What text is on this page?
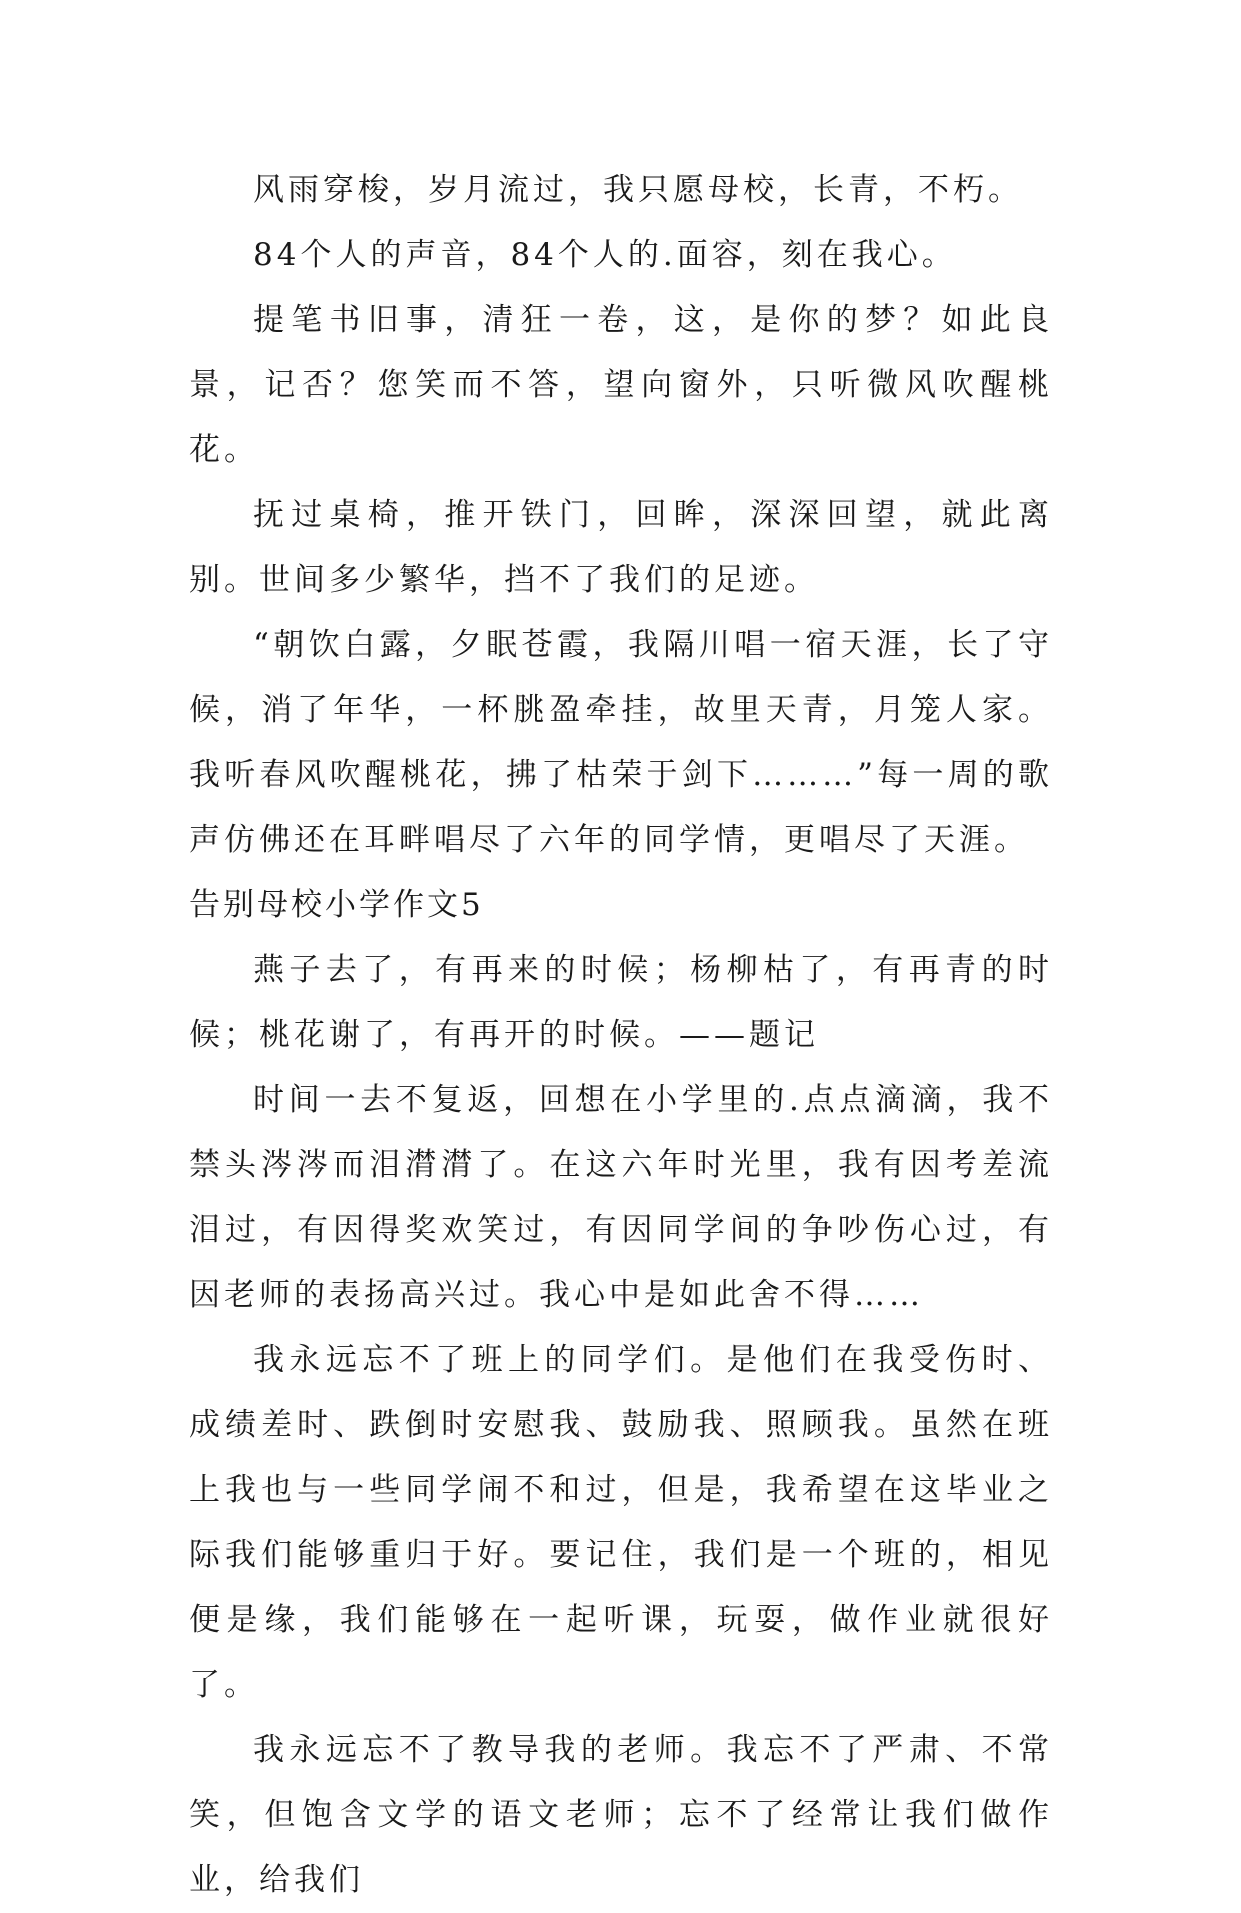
风雨穿梭，岁月流过，我只愿母校，长青，不朽。

84个人的声音，84个人的.面容，刻在我心。

提笔书旧事，清狂一卷，这，是你的梦？如此良景，记否？您笑而不答，望向窗外，只听微风吹醒桃花。

抚过桌椅，推开铁门，回眸，深深回望，就此离别。世间多少繁华，挡不了我们的足迹。

“朝饮白露，夕眠苍霞，我隔川唱一宿天涯，长了守候，消了年华，一杯朓盈牵挂，故里天青，月笼人家。我听春风吹醒桃花，拂了枯荣于剑下………”每一周的歌声仿佛还在耳畔唱尽了六年的同学情，更唱尽了天涯。

告别母校小学作文5

燕子去了，有再来的时候；杨柳枯了，有再青的时候；桃花谢了，有再开的时候。——题记

时间一去不复返，回想在小学里的.点点滴滴，我不禁头涔涔而泪潸潸了。在这六年时光里，我有因考差流泪过，有因得奖欢笑过，有因同学间的争吵伤心过，有因老师的表扬高兴过。我心中是如此舍不得……

我永远忘不了班上的同学们。是他们在我受伤时、成绩差时、跌倒时安慰我、鼓励我、照顾我。虽然在班上我也与一些同学闹不和过，但是，我希望在这毕业之际我们能够重归于好。要记住，我们是一个班的，相见便是缘，我们能够在一起听课，玩耍，做作业就很好了。

我永远忘不了教导我的老师。我忘不了严肃、不常笑，但饱含文学的语文老师；忘不了经常让我们做作业，给我们
